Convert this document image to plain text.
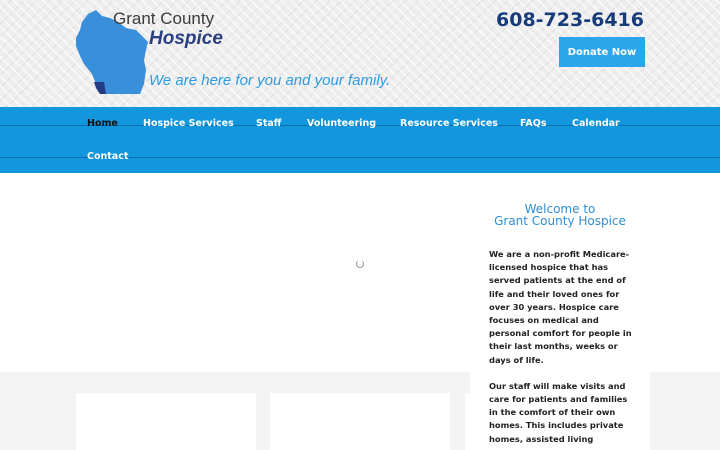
Grant County
Hospice
We are here for you and your family.
608-723-6416
Donate Now
Home	Hospice Services Staff	Volunteering	Resource Services FAQs	Calendar
Contact
Welcome to
Grant County Hospice

We are a non-profit Medicare-licensed hospice that has served patients at the end of life and their loved ones for over 30 years. Hospice care focuses on medical and personal comfort for people in their last months, weeks or days of life.

Our staff will make visits and care for patients and families in the comfort of their own homes. This includes private homes, assisted living
